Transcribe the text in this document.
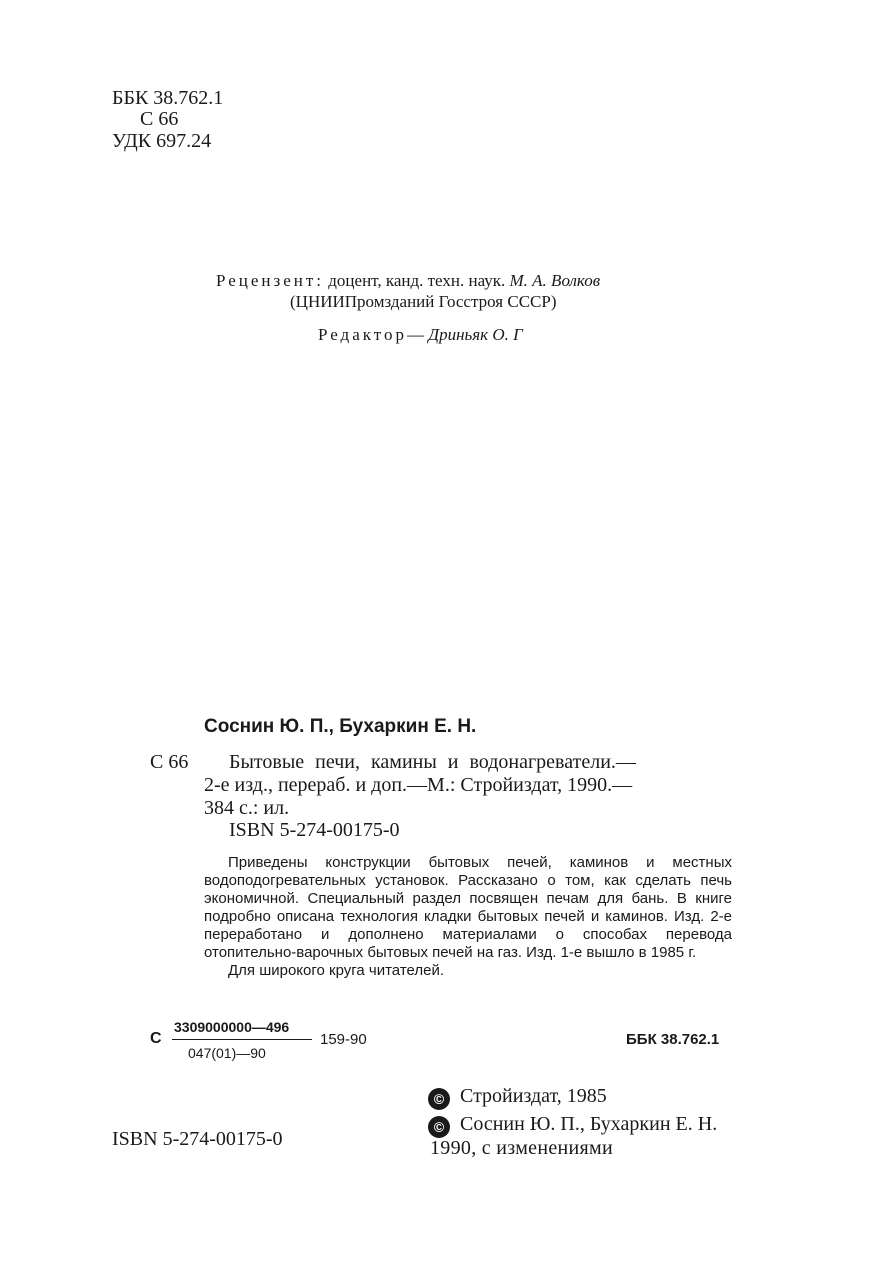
ББК 38.762.1
С 66
УДК 697.24
Рецензент: доцент, канд. техн. наук. М. А. Волков
(ЦНИИПромзданий Госстроя СССР)
Редактор— Дриньяк О. Г
Соснин Ю. П., Бухаркин Е. Н.
С 66 Бытовые печи, камины и водонагреватели.—
2-е изд., перераб. и доп.—М.: Стройиздат, 1990.—
384 с.: ил.
ISBN 5-274-00175-0

Приведены конструкции бытовых печей, каминов и местных водоподогревательных установок. Рассказано о том, как сделать печь экономичной. Специальный раздел посвящен печам для бань. В книге подробно описана технология кладки бытовых печей и каминов. Изд. 2-е переработано и дополнено материалами о способах перевода отопительно-варочных бытовых печей на газ. Изд. 1-е вышло в 1985 г.

Для широкого круга читателей.

С
3309000000—496
047(01)—90
159-90	ББК 38.762.1
ISBN 5-274-00175-0
© Стройиздат, 1985
© Соснин Ю. П., Бухаркин Е. Н.
1990, с изменениями
